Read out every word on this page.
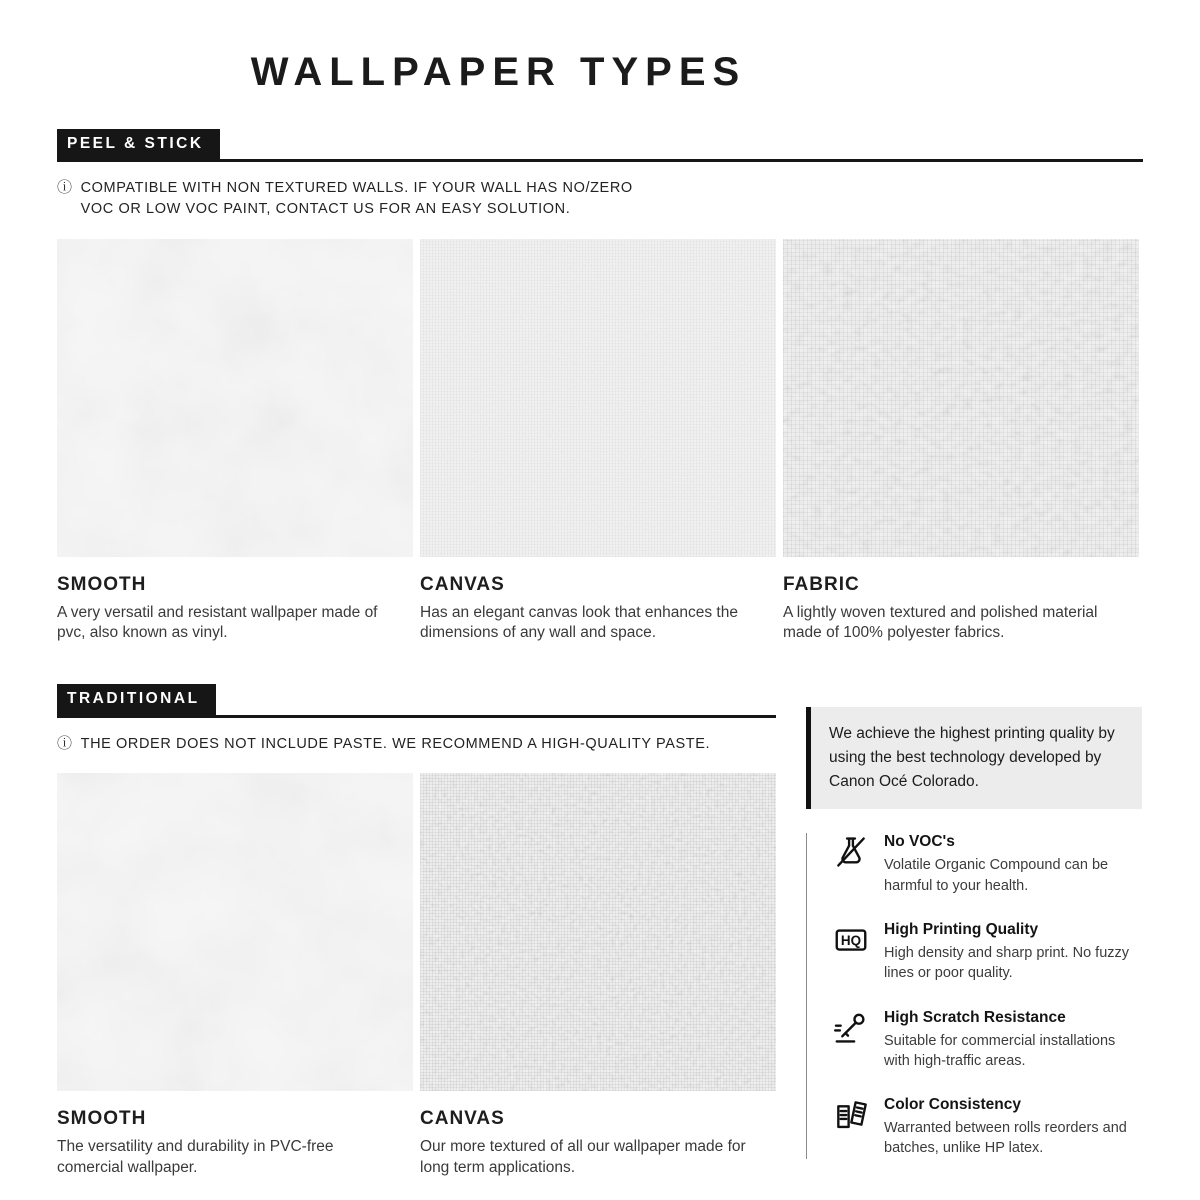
WALLPAPER TYPES
PEEL & STICK
ⓘ COMPATIBLE WITH NON TEXTURED WALLS. IF YOUR WALL HAS NO/ZERO VOC OR LOW VOC PAINT, CONTACT US FOR AN EASY SOLUTION.
SMOOTH
A very versatil and resistant wallpaper made of pvc, also known as vinyl.
CANVAS
Has an elegant canvas look that enhances the dimensions of any wall and space.
FABRIC
A lightly woven textured and polished material made of 100% polyester fabrics.
TRADITIONAL
ⓘ THE ORDER DOES NOT INCLUDE PASTE. WE RECOMMEND A HIGH-QUALITY PASTE.
SMOOTH
The versatility and durability in PVC-free comercial wallpaper.
CANVAS
Our more textured of all our wallpaper made for long term applications.
We achieve the highest printing quality by using the best technology developed by Canon Océ Colorado.
No VOC's
Volatile Organic Compound can be harmful to your health.
HQ
High Printing Quality
High density and sharp print. No fuzzy lines or poor quality.
High Scratch Resistance
Suitable for commercial installations with high-traffic areas.
Color Consistency
Warranted between rolls reorders and batches, unlike HP latex.
